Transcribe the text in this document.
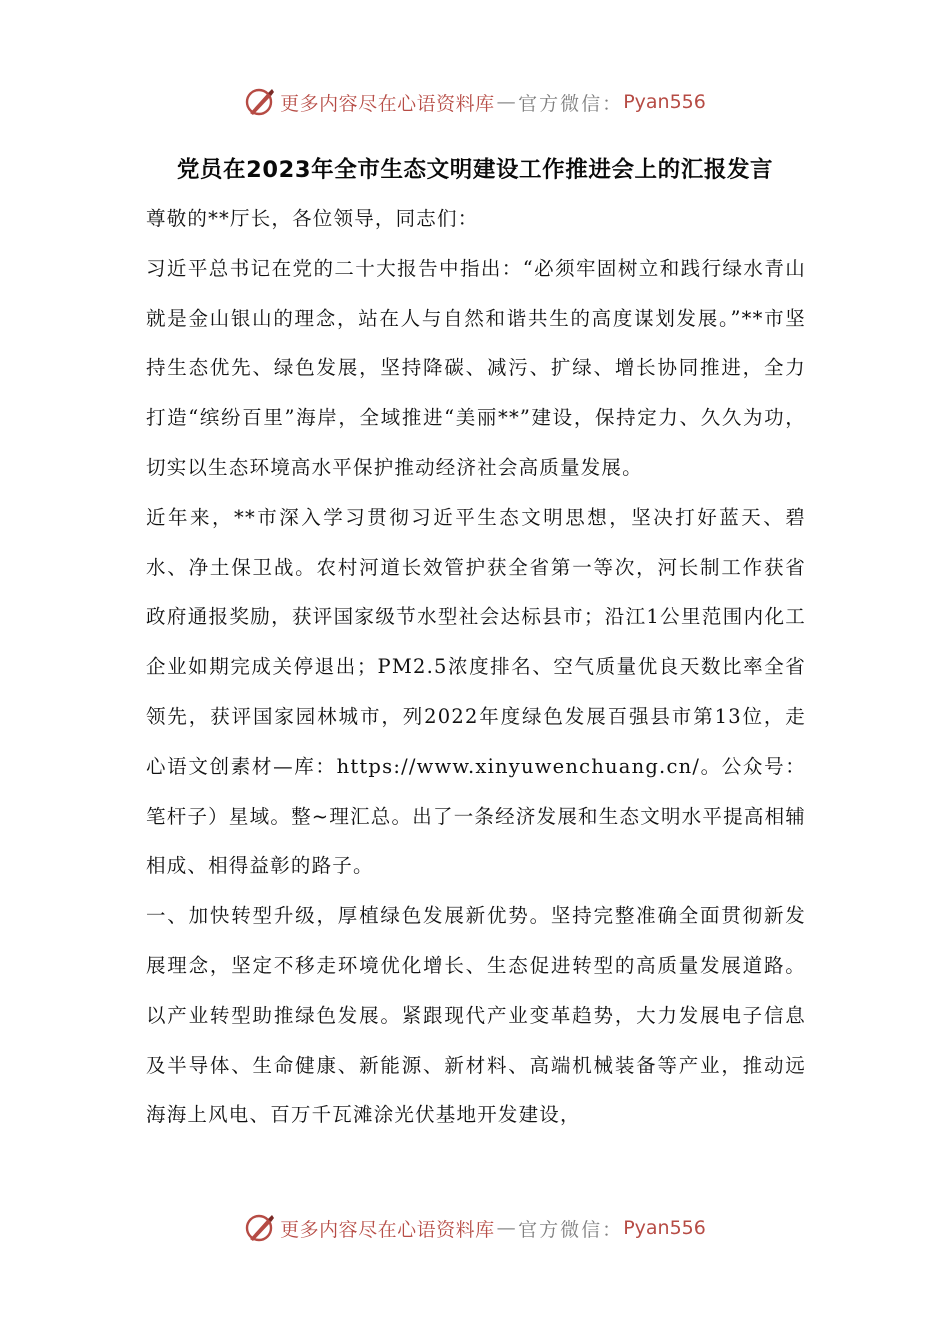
更多内容尽在心语资料库 — 官方微信： Pyan556
党员在2023年全市生态文明建设工作推进会上的汇报发言

尊敬的**厅长，各位领导，同志们：

习近平总书记在党的二十大报告中指出：“必须牢固树立和践行绿水青山就是金山银山的理念，站在人与自然和谐共生的高度谋划发展。”**市坚持生态优先、绿色发展，坚持降碳、减污、扩绿、增长协同推进，全力打造“缤纷百里”海岸，全域推进“美丽**”建设，保持定力、久久为功，切实以生态环境高水平保护推动经济社会高质量发展。

近年来，**市深入学习贯彻习近平生态文明思想，坚决打好蓝天、碧水、净土保卫战。农村河道长效管护获全省第一等次，河长制工作获省政府通报奖励，获评国家级节水型社会达标县市；沿江1公里范围内化工企业如期完成关停退出；PM2.5浓度排名、空气质量优良天数比率全省领先，获评国家园林城市，列2022年度绿色发展百强县市第13位，走心语文创素材—库：https://www.xinyuwenchuang.cn/。公众号：笔杆子）星域。整~理汇总。出了一条经济发展和生态文明水平提高相辅相成、相得益彰的路子。

一、加快转型升级，厚植绿色发展新优势。坚持完整准确全面贯彻新发展理念，坚定不移走环境优化增长、生态促进转型的高质量发展道路。以产业转型助推绿色发展。紧跟现代产业变革趋势，大力发展电子信息及半导体、生命健康、新能源、新材料、高端机械装备等产业，推动远海海上风电、百万千瓦滩涂光伏基地开发建设，

更多内容尽在心语资料库 — 官方微信： Pyan556
